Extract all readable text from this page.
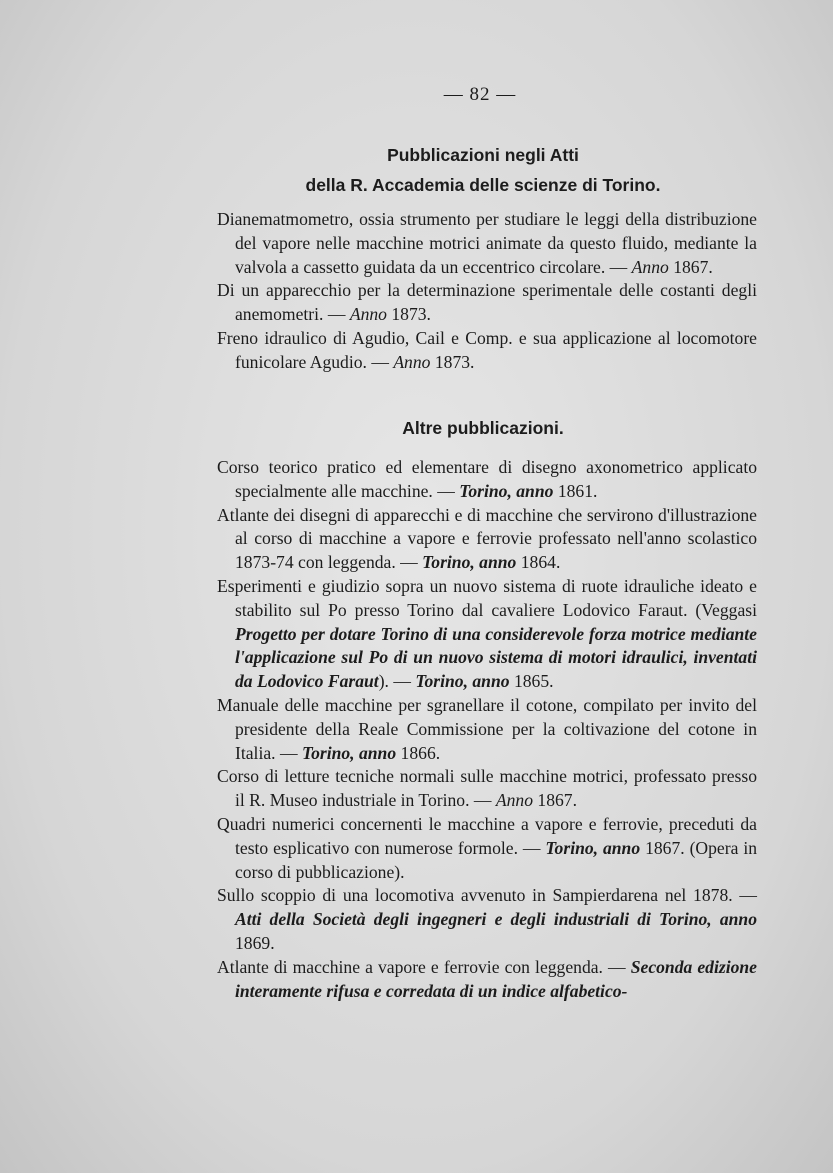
— 82 —
Pubblicazioni negli Atti
della R. Accademia delle scienze di Torino.
Dianematmometro, ossia strumento per studiare le leggi della distribuzione del vapore nelle macchine motrici animate da questo fluido, mediante la valvola a cassetto guidata da un eccentrico circolare. — Anno 1867.
Di un apparecchio per la determinazione sperimentale delle costanti degli anemometri. — Anno 1873.
Freno idraulico di Agudio, Cail e Comp. e sua applicazione al locomotore funicolare Agudio. — Anno 1873.
Altre pubblicazioni.
Corso teorico pratico ed elementare di disegno axonometrico applicato specialmente alle macchine. — Torino, anno 1861.
Atlante dei disegni di apparecchi e di macchine che servirono d'illustrazione al corso di macchine a vapore e ferrovie professato nell'anno scolastico 1873-74 con leggenda. — Torino, anno 1864.
Esperimenti e giudizio sopra un nuovo sistema di ruote idrauliche ideato e stabilito sul Po presso Torino dal cavaliere Lodovico Faraut. (Veggasi Progetto per dotare Torino di una considerevole forza motrice mediante l'applicazione sul Po di un nuovo sistema di motori idraulici, inventati da Lodovico Faraut). — Torino, anno 1865.
Manuale delle macchine per sgranellare il cotone, compilato per invito del presidente della Reale Commissione per la coltivazione del cotone in Italia. — Torino, anno 1866.
Corso di letture tecniche normali sulle macchine motrici, professato presso il R. Museo industriale in Torino. — Anno 1867.
Quadri numerici concernenti le macchine a vapore e ferrovie, preceduti da testo esplicativo con numerose formole. — Torino, anno 1867. (Opera in corso di pubblicazione).
Sullo scoppio di una locomotiva avvenuto in Sampierdarena nel 1878. — Atti della Società degli ingegneri e degli industriali di Torino, anno 1869.
Atlante di macchine a vapore e ferrovie con leggenda. — Seconda edizione interamente rifusa e corredata di un indice alfabetico-
